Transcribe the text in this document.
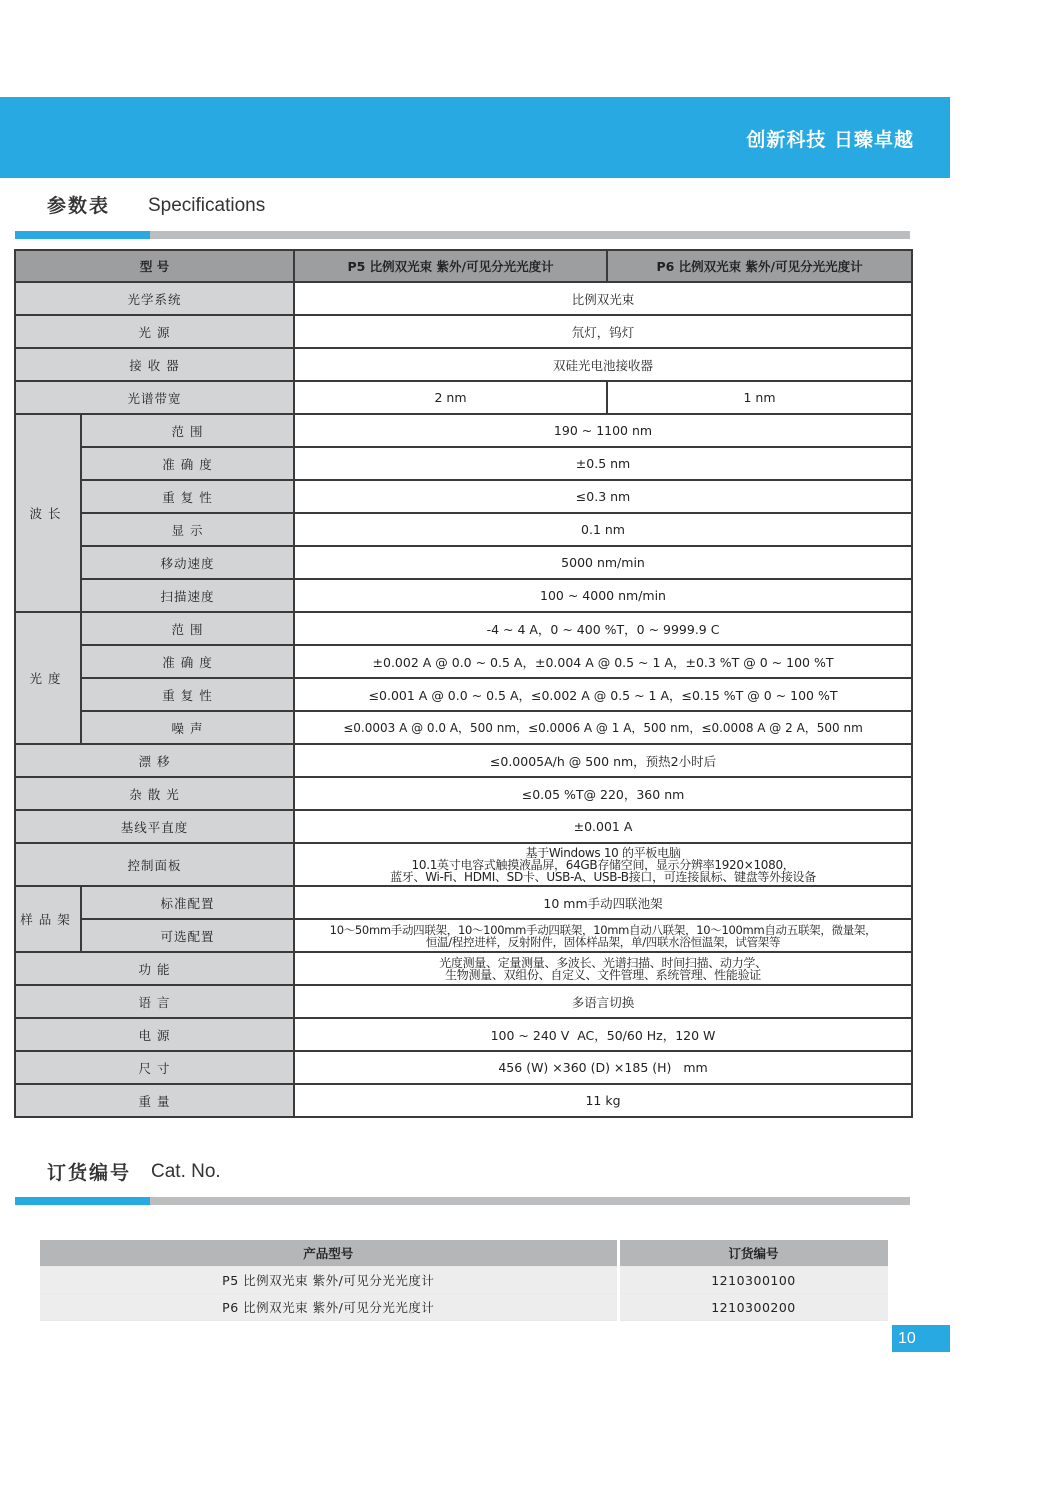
创新科技 日臻卓越
参数表 Specifications
型 号		P5 比例双光束 紫外/可见分光光度计	P6 比例双光束 紫外/可见分光光度计
光学系统		比例双光束	
光 源		氘灯，钨灯	
接 收 器		双硅光电池接收器	
光谱带宽		2 nm	1 nm
波长	范 围	190 ~ 1100 nm	
	准 确 度	±0.5 nm	
	重 复 性	≤0.3 nm	
	显 示	0.1 nm	
	移动速度	5000 nm/min	
	扫描速度	100 ~ 4000 nm/min	
光度	范 围	-4 ~ 4 A，0 ~ 400 %T，0 ~ 9999.9 C	
	准 确 度	±0.002 A @ 0.0 ~ 0.5 A，±0.004 A @ 0.5 ~ 1 A，±0.3 %T @ 0 ~ 100 %T	
	重 复 性	≤0.001 A @ 0.0 ~ 0.5 A，≤0.002 A @ 0.5 ~ 1 A，≤0.15 %T @ 0 ~ 100 %T	
	噪 声	≤0.0003 A @ 0.0 A，500 nm，≤0.0006 A @ 1 A，500 nm，≤0.0008 A @ 2 A，500 nm	
漂 移		≤0.0005A/h @ 500 nm，预热2小时后	
杂 散 光		≤0.05 %T@ 220，360 nm	
基线平直度		±0.001 A	
控制面板		基于Windows 10 的平板电脑
10.1英寸电容式触摸液晶屏，64GB存储空间，显示分辨率1920×1080，
蓝牙、Wi-Fi、HDMI、SD卡、USB-A、USB-B接口，可连接鼠标、键盘等外接设备	

样品架	标准配置	10 mm手动四联池架	
	可选配置	10～50mm手动四联架，10～100mm手动四联架，10mm自动八联架，10～100mm自动五联架，微量架，
恒温/程控进样，反射附件，固体样品架，单/四联水浴恒温架，试管架等	

功 能		光度测量、定量测量、多波长、光谱扫描、时间扫描、动力学、
生物测量、双组份、自定义、文件管理、系统管理、性能验证	

语 言		多语言切换	
电 源		100 ~ 240 V  AC，50/60 Hz，120 W	
尺 寸		456 (W) ×360 (D) ×185 (H)   mm	
重 量		11 kg	
订货编号 Cat. No.
产品型号	订货编号
P5 比例双光束 紫外/可见分光光度计	1210300100
P6 比例双光束 紫外/可见分光光度计	1210300200
10
